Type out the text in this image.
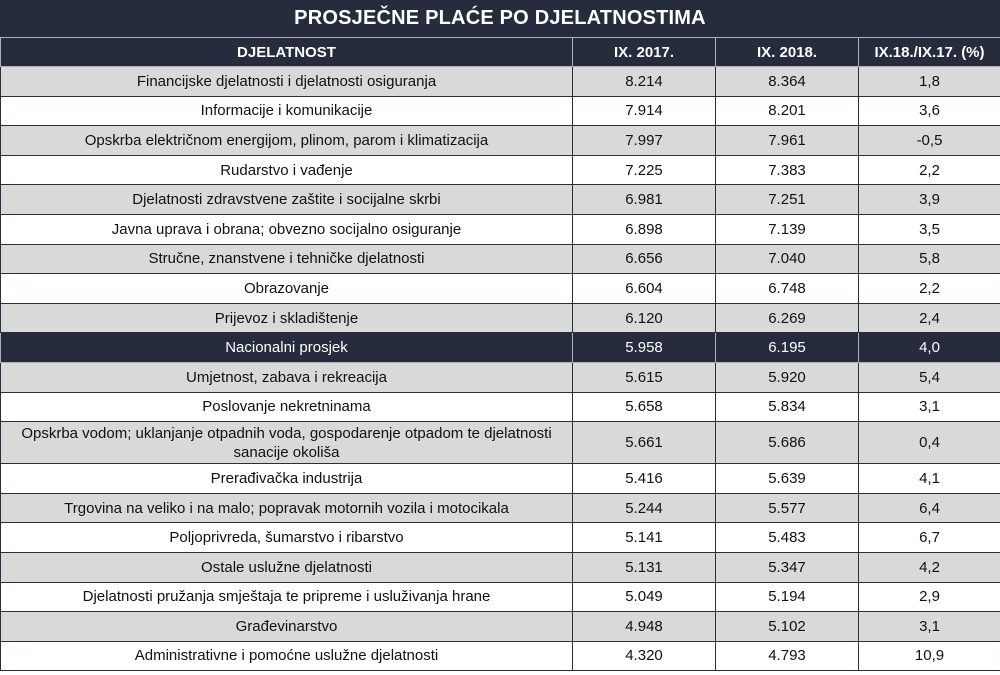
PROSJEČNE PLAĆE PO DJELATNOSTIMA
DJELATNOST	IX. 2017.	IX. 2018.	IX.18./IX.17. (%)
Financijske djelatnosti i djelatnosti osiguranja	8.214	8.364	1,8
Informacije i komunikacije	7.914	8.201	3,6
Opskrba električnom energijom, plinom, parom i klimatizacija	7.997	7.961	-0,5
Rudarstvo i vađenje	7.225	7.383	2,2
Djelatnosti zdravstvene zaštite i socijalne skrbi	6.981	7.251	3,9
Javna uprava i obrana; obvezno socijalno osiguranje	6.898	7.139	3,5
Stručne, znanstvene i tehničke djelatnosti	6.656	7.040	5,8
Obrazovanje	6.604	6.748	2,2
Prijevoz i skladištenje	6.120	6.269	2,4
Nacionalni prosjek	5.958	6.195	4,0
Umjetnost, zabava i rekreacija	5.615	5.920	5,4
Poslovanje nekretninama	5.658	5.834	3,1
Opskrba vodom; uklanjanje otpadnih voda, gospodarenje otpadom te djelatnosti sanacije okoliša	5.661	5.686	0,4
Prerađivačka industrija	5.416	5.639	4,1
Trgovina na veliko i na malo; popravak motornih vozila i motocikala	5.244	5.577	6,4
Poljoprivreda, šumarstvo i ribarstvo	5.141	5.483	6,7
Ostale uslužne djelatnosti	5.131	5.347	4,2
Djelatnosti pružanja smještaja te pripreme i usluživanja hrane	5.049	5.194	2,9
Građevinarstvo	4.948	5.102	3,1
Administrativne i pomoćne uslužne djelatnosti	4.320	4.793	10,9
